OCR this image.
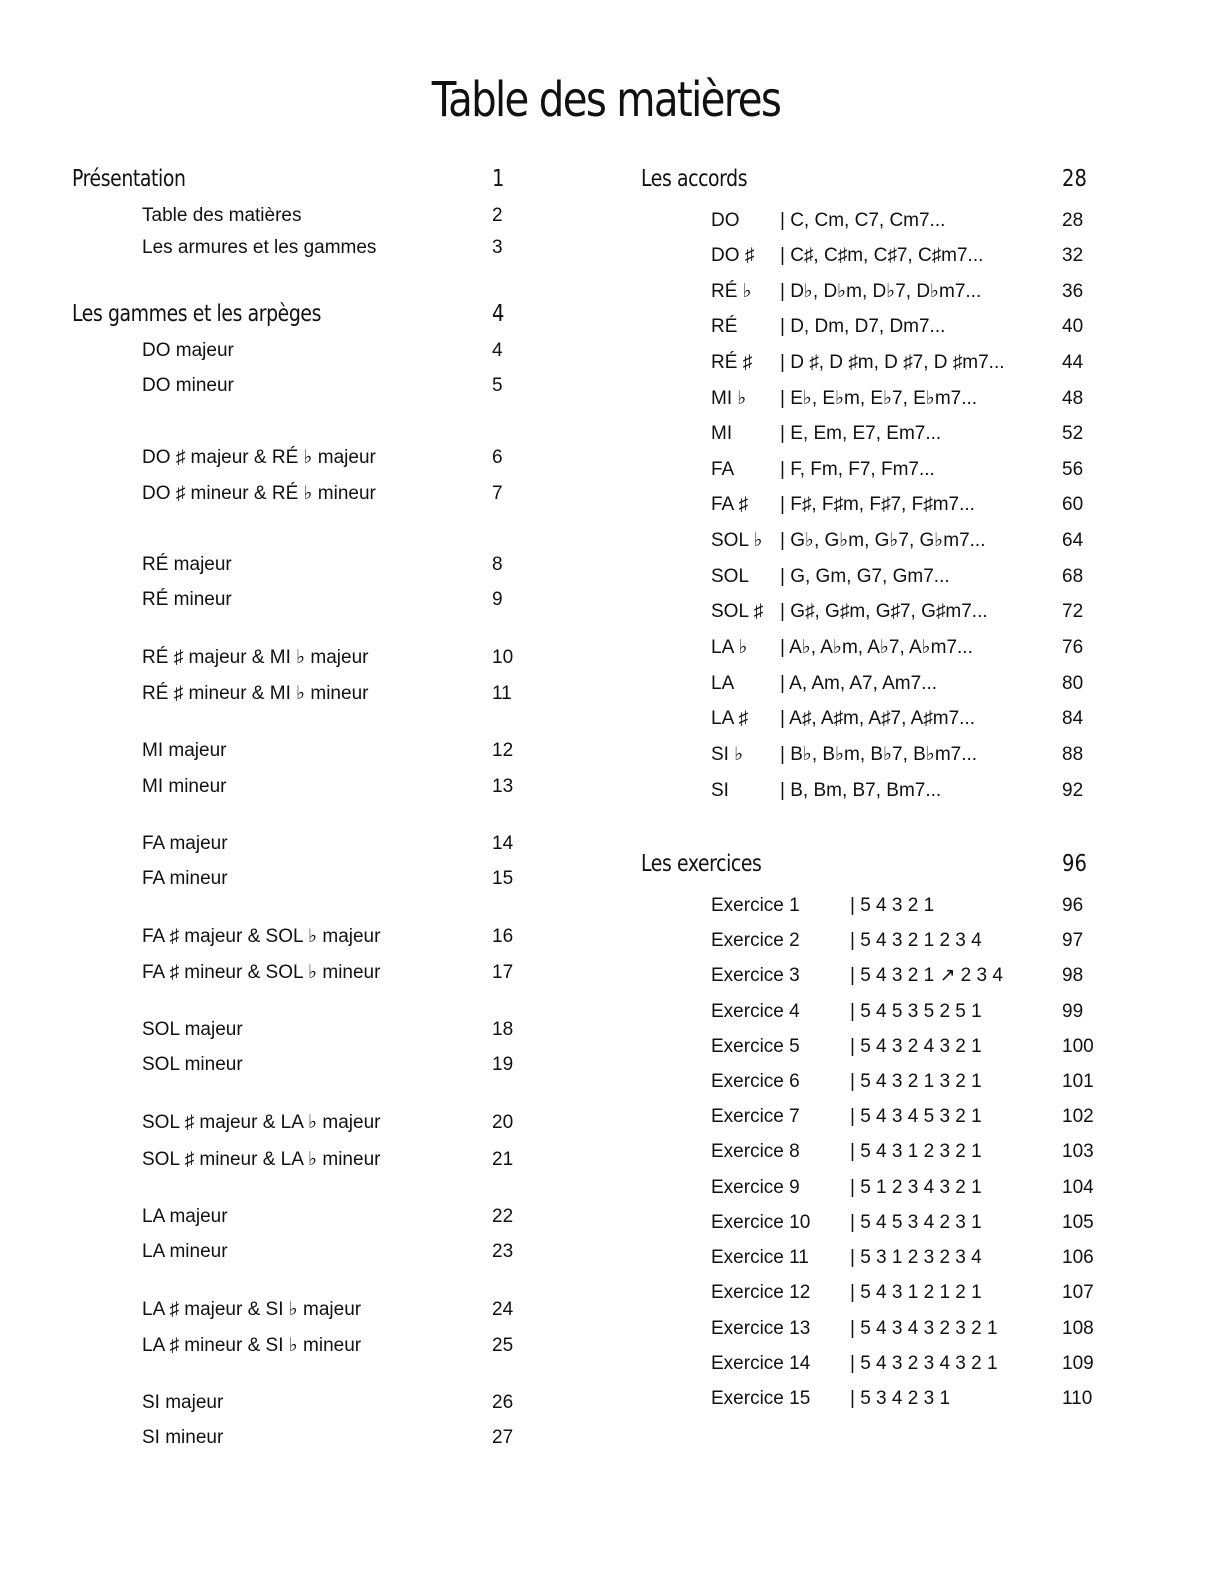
Table des matières
Présentation	1
Table des matières	2
Les armures et les gammes	3
Les gammes et les arpèges	4
DO majeur	4
DO mineur	5
DO ♯ majeur & RÉ ♭ majeur	6
DO ♯ mineur & RÉ ♭ mineur	7
RÉ majeur	8
RÉ mineur	9
RÉ ♯ majeur & MI ♭ majeur	10
RÉ ♯ mineur & MI ♭ mineur	11
MI majeur	12
MI mineur	13
FA majeur	14
FA mineur	15
FA ♯ majeur & SOL ♭ majeur	16
FA ♯ mineur & SOL ♭ mineur	17
SOL majeur	18
SOL mineur	19
SOL ♯ majeur & LA ♭ majeur	20
SOL ♯ mineur & LA ♭ mineur	21
LA majeur	22
LA mineur	23
LA ♯ majeur & SI ♭ majeur	24
LA ♯ mineur & SI ♭ mineur	25
SI majeur	26
SI mineur	27
Les accords	28
DO | C, Cm, C7, Cm7...	28
DO ♯ | C♯, C♯m, C♯7, C♯m7...	32
RÉ ♭ | D♭, D♭m, D♭7, D♭m7...	36
RÉ | D, Dm, D7, Dm7...	40
RÉ ♯ | D ♯, D ♯m, D ♯7, D ♯m7...	44
MI ♭ | E♭, E♭m, E♭7, E♭m7...	48
MI	| E, Em, E7, Em7...	52
FA | F, Fm, F7, Fm7...	56
FA ♯ | F♯, F♯m, F♯7, F♯m7...	60
SOL ♭ | G♭, G♭m, G♭7, G♭m7...	64
SOL | G, Gm, G7, Gm7...	68
SOL ♯ | G♯, G♯m, G♯7, G♯m7...	72
LA ♭ | A♭, A♭m, A♭7, A♭m7...	76
LA | A, Am, A7, Am7...	80
LA ♯ | A♯, A♯m, A♯7, A♯m7...	84
SI ♭ | B♭, B♭m, B♭7, B♭m7...	88
SI	| B, Bm, B7, Bm7...	92
Les exercices	96
Exercice 1	| 5 4 3 2 1	96
Exercice 2	| 5 4 3 2 1 2 3 4	97
Exercice 3	| 5 4 3 2 1 ↗ 2 3 4	98
Exercice 4	| 5 4 5 3 5 2 5 1	99
Exercice 5	| 5 4 3 2 4 3 2 1	100
Exercice 6	| 5 4 3 2 1 3 2 1	101
Exercice 7	| 5 4 3 4 5 3 2 1	102
Exercice 8	| 5 4 3 1 2 3 2 1	103
Exercice 9	| 5 1 2 3 4 3 2 1	104
Exercice 10 | 5 4 5 3 4 2 3 1	105
Exercice 11 | 5 3 1 2 3 2 3 4	106
Exercice 12 | 5 4 3 1 2 1 2 1	107
Exercice 13 | 5 4 3 4 3 2 3 2 1	108
Exercice 14 | 5 4 3 2 3 4 3 2 1	109
Exercice 15 | 5 3 4 2 3 1	110
